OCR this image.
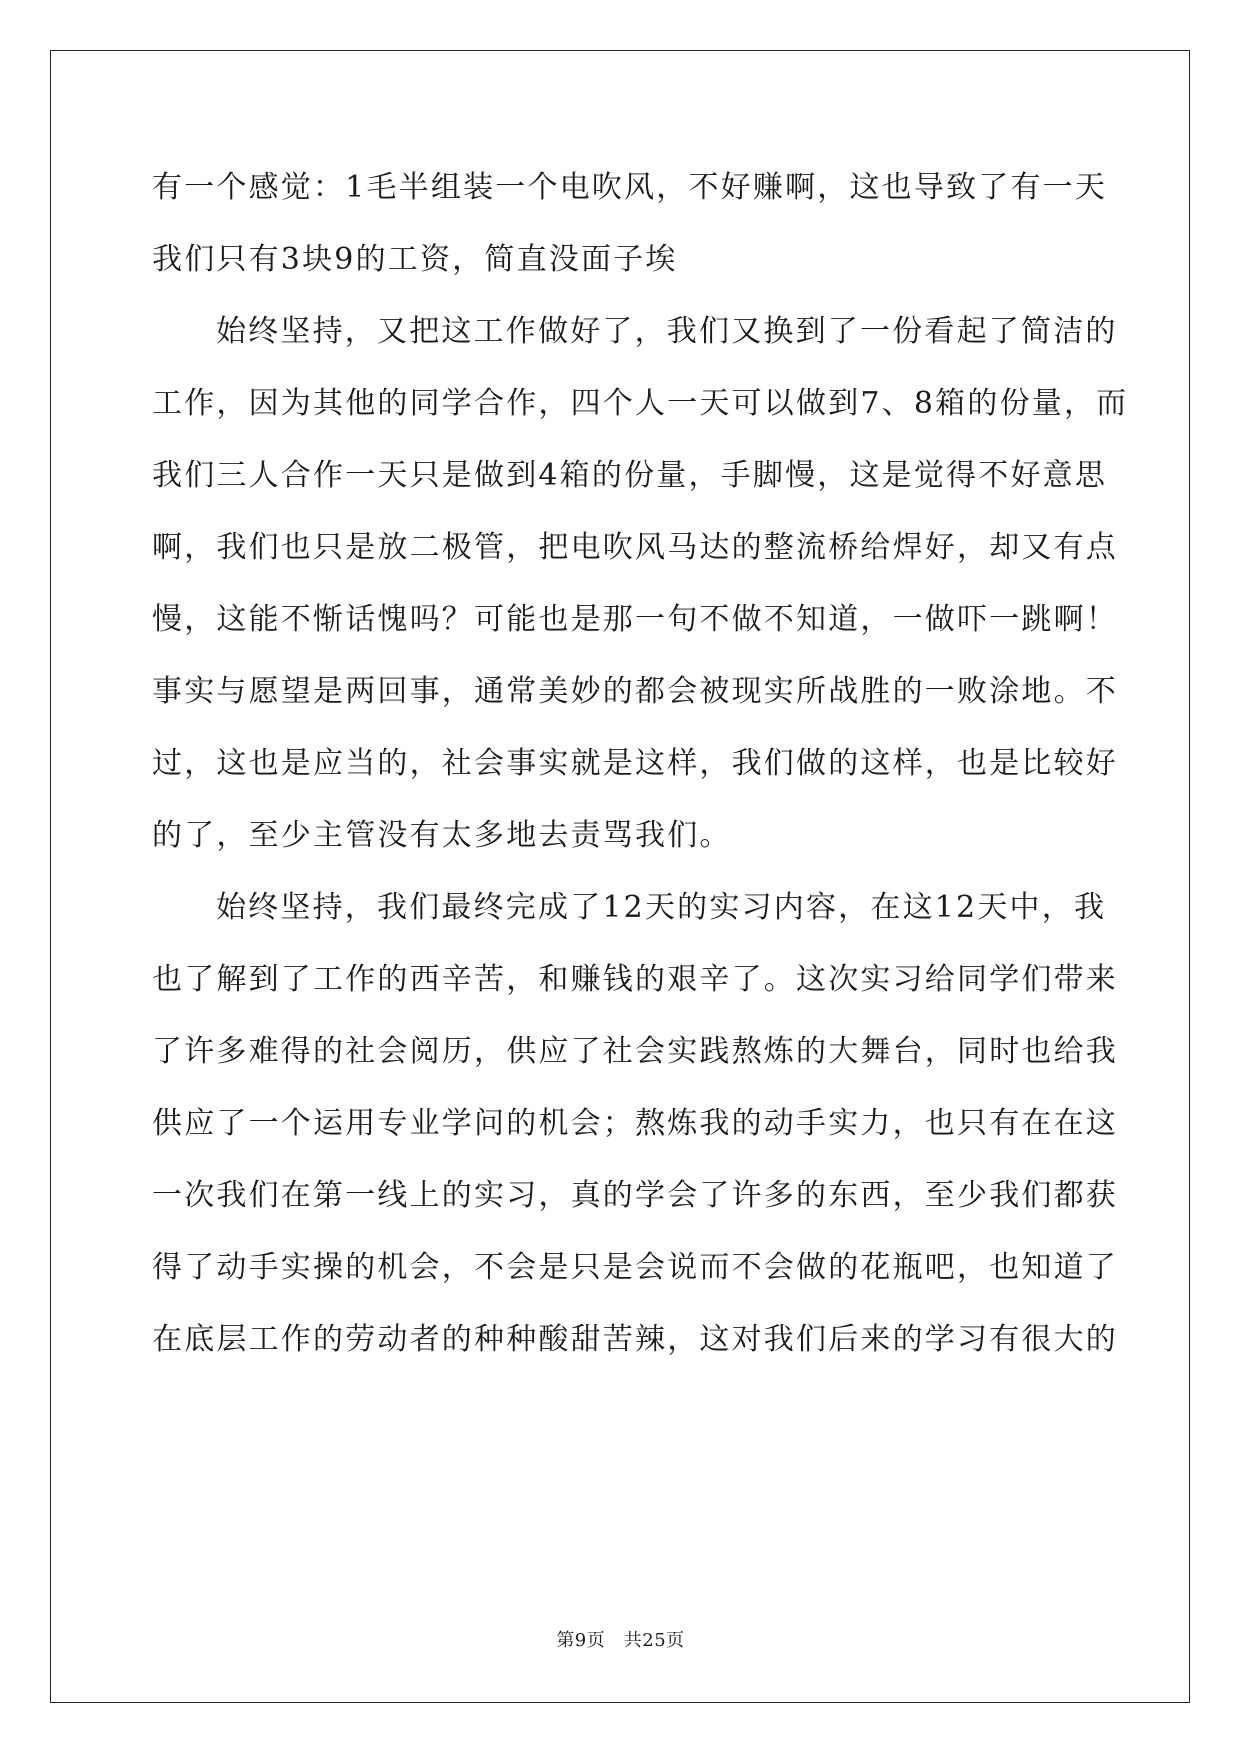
有一个感觉：1毛半组装一个电吹风，不好赚啊，这也导致了有一天
我们只有3块9的工资，简直没面子埃
始终坚持，又把这工作做好了，我们又换到了一份看起了简洁的
工作，因为其他的同学合作，四个人一天可以做到7、8箱的份量，而
我们三人合作一天只是做到4箱的份量，手脚慢，这是觉得不好意思
啊，我们也只是放二极管，把电吹风马达的整流桥给焊好，却又有点
慢，这能不惭话愧吗？可能也是那一句不做不知道，一做吓一跳啊！
事实与愿望是两回事，通常美妙的都会被现实所战胜的一败涂地。不
过，这也是应当的，社会事实就是这样，我们做的这样，也是比较好
的了，至少主管没有太多地去责骂我们。
始终坚持，我们最终完成了12天的实习内容，在这12天中，我
也了解到了工作的西辛苦，和赚钱的艰辛了。这次实习给同学们带来
了许多难得的社会阅历，供应了社会实践熬炼的大舞台，同时也给我
供应了一个运用专业学问的机会；熬炼我的动手实力，也只有在在这
一次我们在第一线上的实习，真的学会了许多的东西，至少我们都获
得了动手实操的机会，不会是只是会说而不会做的花瓶吧，也知道了
在底层工作的劳动者的种种酸甜苦辣，这对我们后来的学习有很大的
第9页　共25页
